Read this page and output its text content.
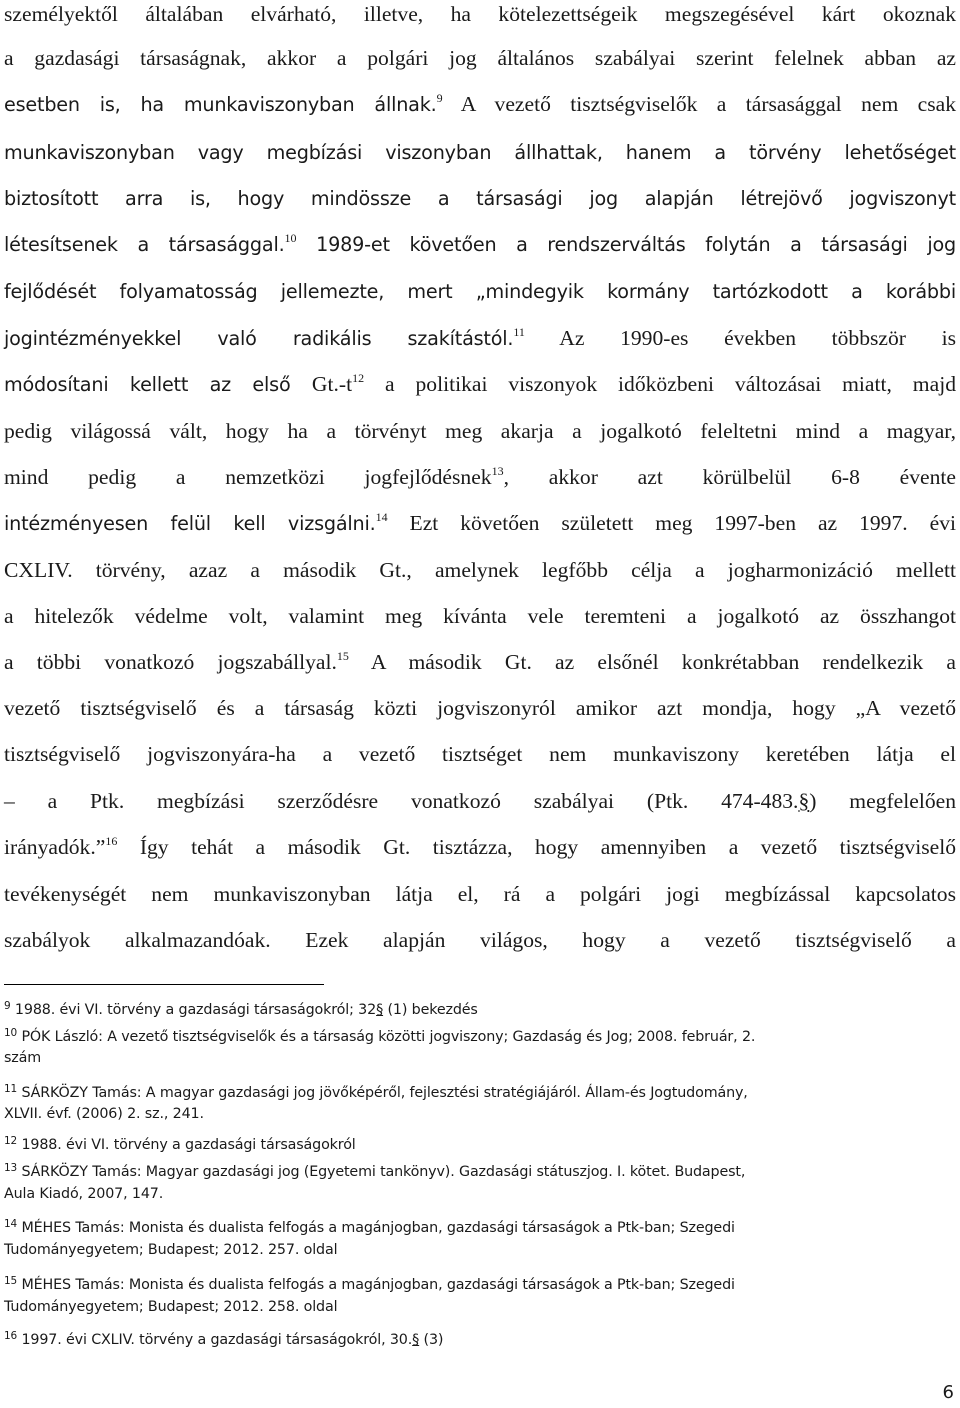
személyektől általában elvárható, illetve, ha kötelezettségeik megszegésével kárt okoznak
a gazdasági társaságnak, akkor a polgári jog általános szabályai szerint felelnek abban az
esetben is, ha munkaviszonyban állnak.$^9$ A vezető tisztségviselők a társasággal nem csak
munkaviszonyban vagy megbízási viszonyban állhattak, hanem a törvény lehetőséget
biztosított arra is, hogy mindössze a társasági jog alapján létrejövő jogviszonyt
létesítsenek a társasággal.$^{10}$ 1989-et követően a rendszerváltás folytán a társasági jog
fejlődését folyamatosság jellemezte, mert „mindegyik kormány tartózkodott a korábbi
jogintézményekkel való radikális szakítástól.$^{11}$ Az 1990-es években többször is
módosítani kellett az első $Gt.-t^{12}$ a politikai viszonyok időközbeni változásai miatt, majd
pedig világossá vált, hogy ha a törvényt meg akarja a jogalkotó feleltetni mind a magyar,
mind pedig a nemzetközi jogfejlődésnek$^{13}$, akkor azt körülbelül 6-8 évente
intézményesen felül kell vizsgálni.$^{14}$ Ezt követően született meg 1997-ben az 1997. évi
CXLIV. törvény, azaz a második Gt., amelynek legfőbb célja a jogharmonizáció mellett
a hitelezők védelme volt, valamint meg kívánta vele teremteni a jogalkotó az összhangot
a többi vonatkozó jogszabállyal.$^{15}$ A második Gt. az elsőnél konkrétabban rendelkezik a
vezető tisztségviselő és a társaság közti jogviszonyról amikor azt mondja, hogy „A vezető
tisztségviselő jogviszonyára-ha a vezető tisztséget nem munkaviszony keretében látja el
– a Ptk. megbízási szerződésre vonatkozó szabályai (Ptk. 474-483.§) megfelelően
irányadók.”$^{16}$ Így tehát a második Gt. tisztázza, hogy amennyiben a vezető tisztségviselő
tevékenységét nem munkaviszonyban látja el, rá a polgári jogi megbízással kapcsolatos
szabályok alkalmazandóak. Ezek alapján világos, hogy a vezető tisztségviselő a
$^9$ 1988. évi VI. törvény a gazdasági társaságokról; 32§ (1) bekezdés
$^{10}$ PÓK László: A vezető tisztségviselők és a társaság közötti jogviszony; Gazdaság és Jog; 2008. február, 2.
szám
$^{11}$ SÁRKÖZY Tamás: A magyar gazdasági jog jövőképéről, fejlesztési stratégiájáról. Állam-és Jogtudomány,
XLVII. évf. (2006) 2. sz., 241.
$^{12}$ 1988. évi VI. törvény a gazdasági társaságokról
$^{13}$ SÁRKÖZY Tamás: Magyar gazdasági jog (Egyetemi tankönyv). Gazdasági státuszjog. I. kötet. Budapest,
Aula Kiadó, 2007, 147.
$^{14}$ MÉHES Tamás: Monista és dualista felfogás a magánjogban, gazdasági társaságok a Ptk-ban; Szegedi
Tudományegyetem; Budapest; 2012. 257. oldal
$^{15}$ MÉHES Tamás: Monista és dualista felfogás a magánjogban, gazdasági társaságok a Ptk-ban; Szegedi
Tudományegyetem; Budapest; 2012. 258. oldal
$^{16}$ 1997. évi CXLIV. törvény a gazdasági társaságokról, 30.§ (3)
6
